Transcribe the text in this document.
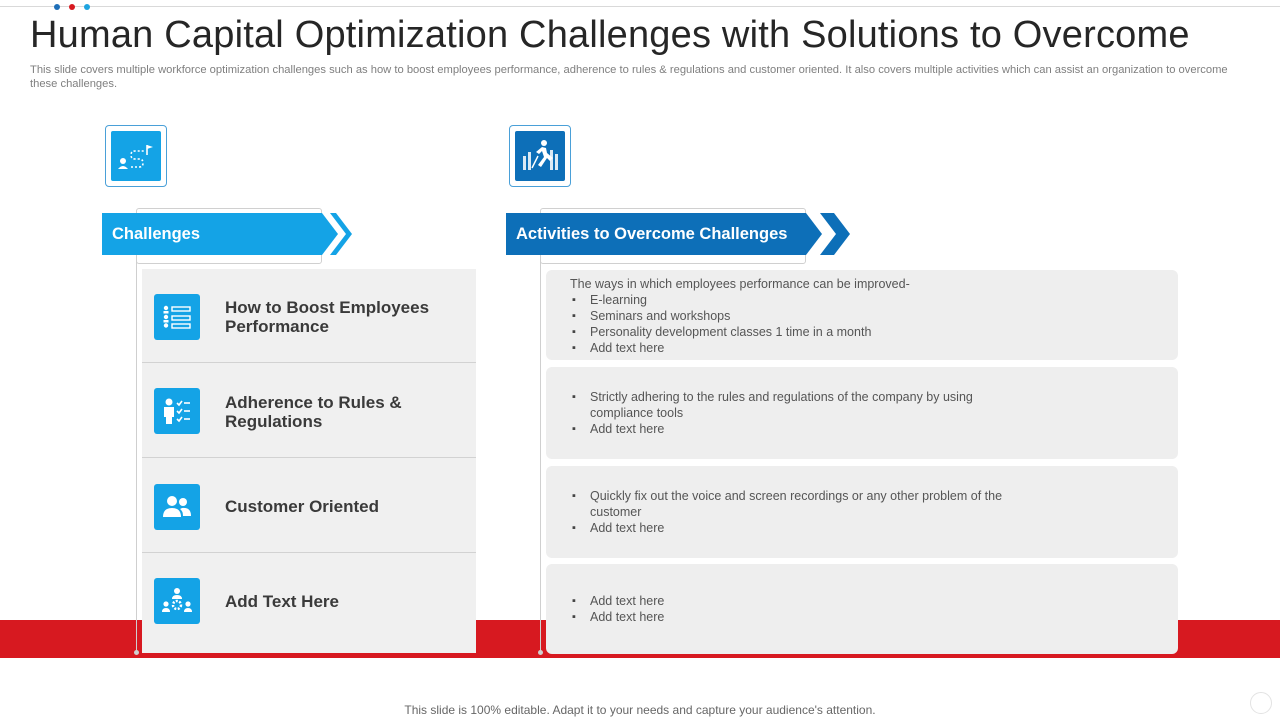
Human Capital Optimization Challenges with Solutions to Overcome
This slide covers multiple workforce optimization challenges such as how to boost employees performance, adherence to rules & regulations and customer oriented. It also covers multiple activities which can assist an organization to overcome these challenges.
Challenges	Activities to Overcome Challenges
How to Boost Employees Performance
Adherence to Rules & Regulations
Customer Oriented
Add Text Here
The ways in which employees performance can be improved-
▪ E-learning
▪ Seminars and workshops
▪ Personality development classes 1 time in a month
▪ Add text here
▪ Strictly adhering to the rules and regulations of the company by using compliance tools
▪ Add text here
▪ Quickly fix out the voice and screen recordings or any other problem of the customer
▪ Add text here
▪ Add text here
▪ Add text here
This slide is 100% editable. Adapt it to your needs and capture your audience's attention.
